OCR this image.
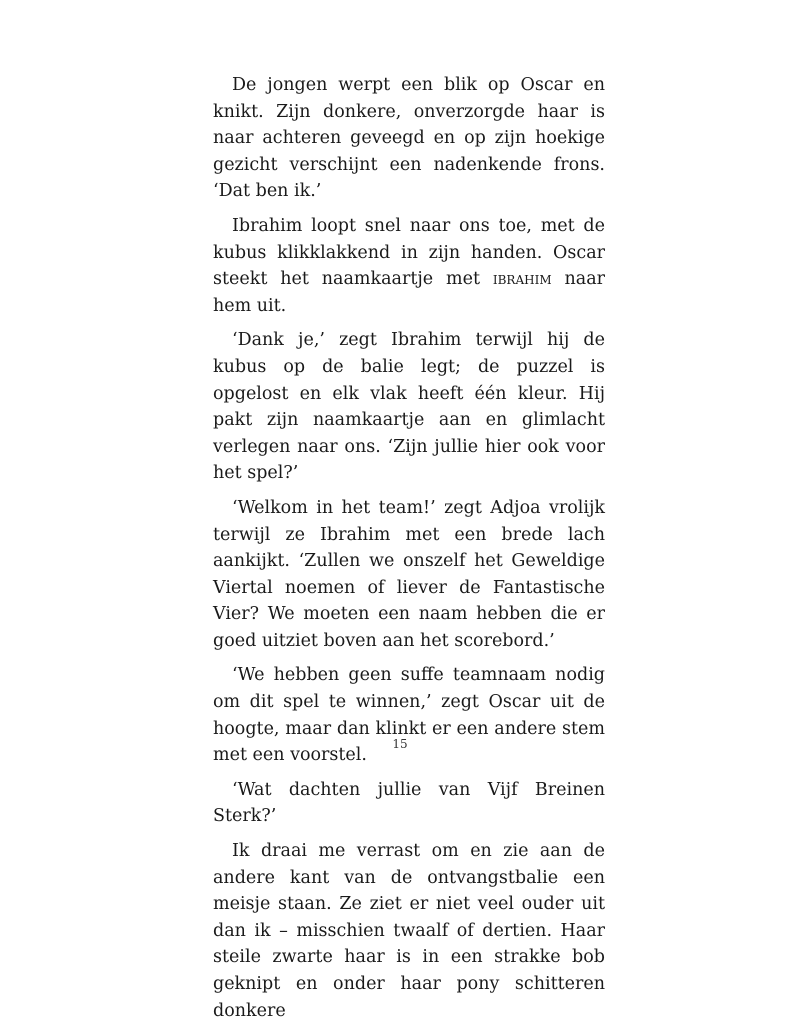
De jongen werpt een blik op Oscar en knikt. Zijn donkere, onverzorgde haar is naar achteren geveegd en op zijn hoekige gezicht verschijnt een nadenkende frons. ‘Dat ben ik.’

Ibrahim loopt snel naar ons toe, met de kubus klikklakkend in zijn handen. Oscar steekt het naamkaartje met ibrahim naar hem uit.

‘Dank je,’ zegt Ibrahim terwijl hij de kubus op de balie legt; de puzzel is opgelost en elk vlak heeft één kleur. Hij pakt zijn naamkaartje aan en glimlacht verlegen naar ons. ‘Zijn jullie hier ook voor het spel?’

‘Welkom in het team!’ zegt Adjoa vrolijk terwijl ze Ibrahim met een brede lach aankijkt. ‘Zullen we onszelf het Geweldige Viertal noemen of liever de Fantastische Vier? We moeten een naam hebben die er goed uitziet boven aan het scorebord.’

‘We hebben geen suffe teamnaam nodig om dit spel te winnen,’ zegt Oscar uit de hoogte, maar dan klinkt er een andere stem met een voorstel.

‘Wat dachten jullie van Vijf Breinen Sterk?’

Ik draai me verrast om en zie aan de andere kant van de ontvangstbalie een meisje staan. Ze ziet er niet veel ouder uit dan ik – misschien twaalf of dertien. Haar steile zwarte haar is in een strakke bob geknipt en onder haar pony schitteren donkere

15
